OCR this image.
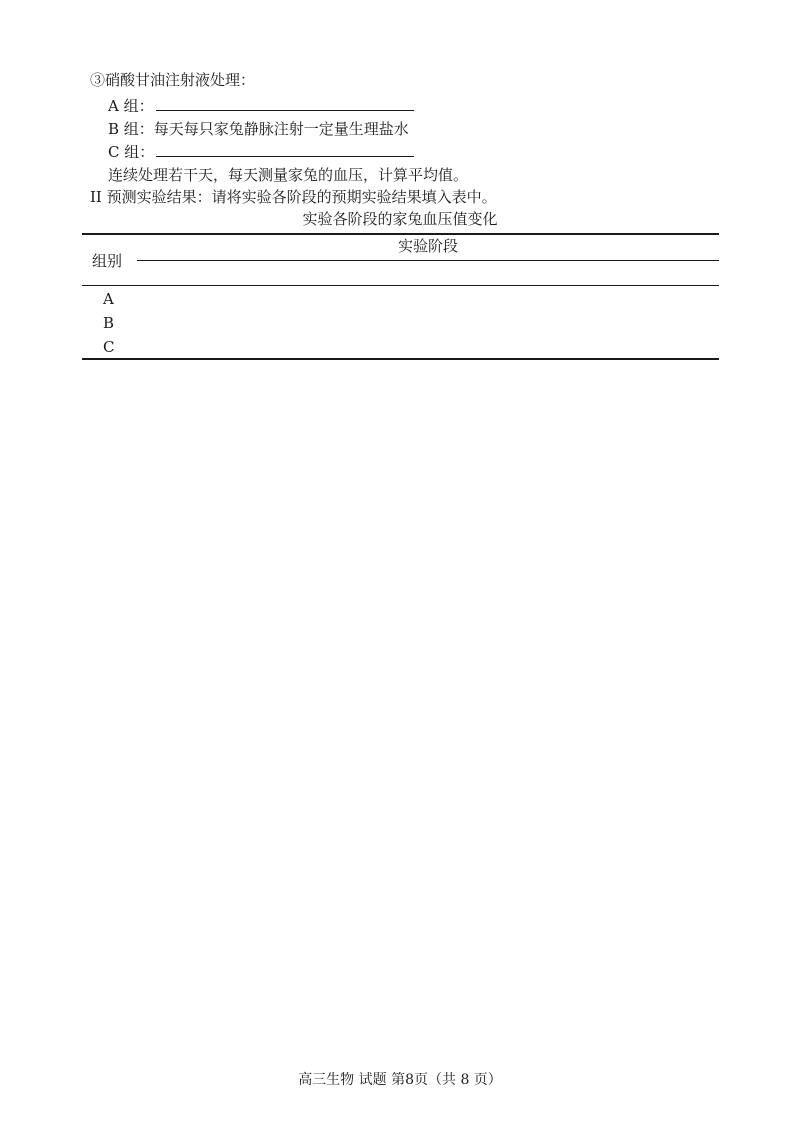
③硝酸甘油注射液处理：
A 组：
B 组：每天每只家兔静脉注射一定量生理盐水
C 组：
连续处理若干天，每天测量家兔的血压，计算平均值。
II 预测实验结果：请将实验各阶段的预期实验结果填入表中。
实验各阶段的家兔血压值变化
实验阶段
组别
A
B
C
高三生物 试题 第8页（共 8 页）
